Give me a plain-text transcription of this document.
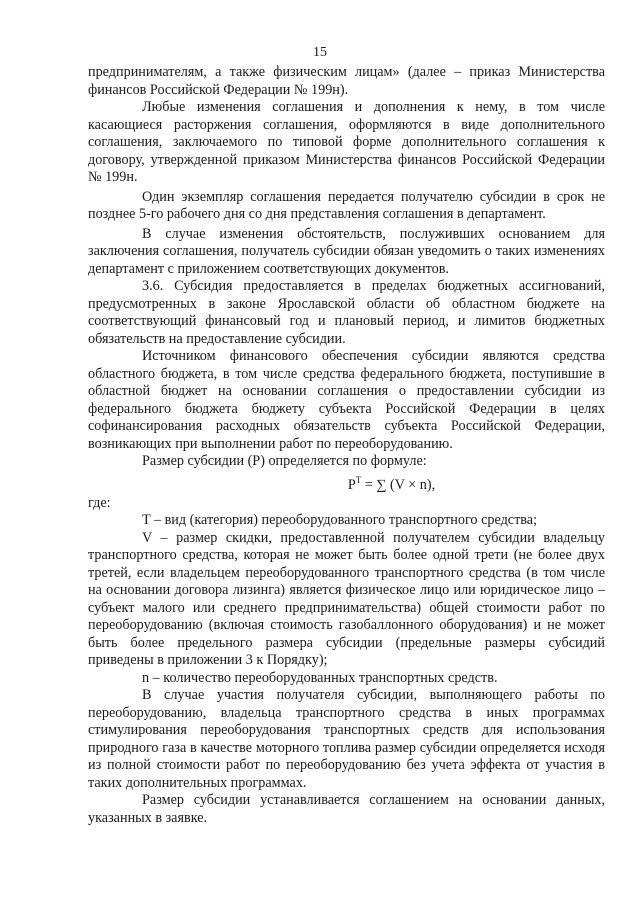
15

предпринимателям, а также физическим лицам» (далее – приказ Министерства финансов Российской Федерации № 199н).

Любые изменения соглашения и дополнения к нему, в том числе касающиеся расторжения соглашения, оформляются в виде дополнительного соглашения, заключаемого по типовой форме дополнительного соглашения к договору, утвержденной приказом Министерства финансов Российской Федерации № 199н.

Один экземпляр соглашения передается получателю субсидии в срок не позднее 5-го рабочего дня со дня представления соглашения в департамент.

В случае изменения обстоятельств, послуживших основанием для заключения соглашения, получатель субсидии обязан уведомить о таких изменениях департамент с приложением соответствующих документов.

3.6. Субсидия предоставляется в пределах бюджетных ассигнований, предусмотренных в законе Ярославской области об областном бюджете на соответствующий финансовый год и плановый период, и лимитов бюджетных обязательств на предоставление субсидии.

Источником финансового обеспечения субсидии являются средства областного бюджета, в том числе средства федерального бюджета, поступившие в областной бюджет на основании соглашения о предоставлении субсидии из федерального бюджета бюджету субъекта Российской Федерации в целях софинансирования расходных обязательств субъекта Российской Федерации, возникающих при выполнении работ по переоборудованию.

Размер субсидии (P) определяется по формуле:

$P^T$ = ∑ (V × n),

где:

T – вид (категория) переоборудованного транспортного средства;

V – размер скидки, предоставленной получателем субсидии владельцу транспортного средства, которая не может быть более одной трети (не более двух третей, если владельцем переоборудованного транспортного средства (в том числе на основании договора лизинга) является физическое лицо или юридическое лицо – субъект малого или среднего предпринимательства) общей стоимости работ по переоборудованию (включая стоимость газобаллонного оборудования) и не может быть более предельного размера субсидии (предельные размеры субсидий приведены в приложении 3 к Порядку);

n – количество переоборудованных транспортных средств.

В случае участия получателя субсидии, выполняющего работы по переоборудованию, владельца транспортного средства в иных программах стимулирования переоборудования транспортных средств для использования природного газа в качестве моторного топлива размер субсидии определяется исходя из полной стоимости работ по переоборудованию без учета эффекта от участия в таких дополнительных программах.

Размер субсидии устанавливается соглашением на основании данных, указанных в заявке.
